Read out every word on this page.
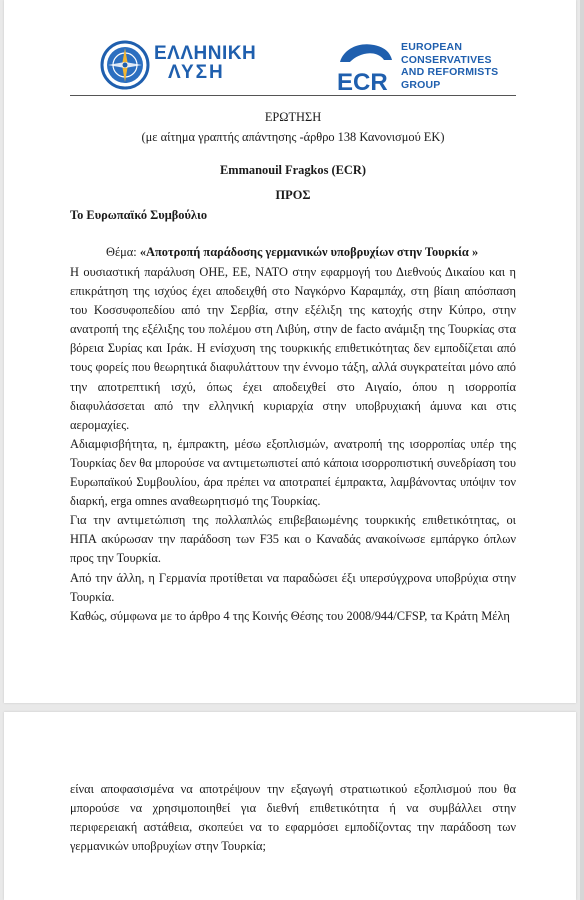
ΕΛΛΗΝΙΚΗ
ΛΥΣΗ	ECR
EUROPEAN
CONSERVATIVES
AND REFORMISTS
GROUP
ΕΡΩΤΗΣΗ
(με αίτημα γραπτής απάντησης -άρθρο 138 Κανονισμού ΕΚ)
Emmanouil Fragkos (ECR)
ΠΡΟΣ
Το Ευρωπαϊκό Συμβούλιο
Θέμα: «Αποτροπή παράδοσης γερμανικών υποβρυχίων στην Τουρκία »

Η ουσιαστική παράλυση ΟΗΕ, ΕΕ, ΝΑΤΟ στην εφαρμογή του Διεθνούς Δικαίου και η επικράτηση της ισχύος έχει αποδειχθή στο Ναγκόρνο Καραμπάχ, στη βίαιη απόσπαση του Κοσσυφοπεδίου από την Σερβία, στην εξέλιξη της κατοχής στην Κύπρο, στην ανατροπή της εξέλιξης του πολέμου στη Λιβύη, στην de facto ανάμιξη της Τουρκίας στα βόρεια Συρίας και Ιράκ. Η ενίσχυση της τουρκικής επιθετικότητας δεν εμποδίζεται από τους φορείς που θεωρητικά διαφυλάττουν την έννομο τάξη, αλλά συγκρατείται μόνο από την αποτρεπτική ισχύ, όπως έχει αποδειχθεί στο Αιγαίο, όπου η ισορροπία διαφυλάσσεται από την ελληνική κυριαρχία στην υποβρυχιακή άμυνα και στις αερομαχίες.

Αδιαμφισβήτητα, η, έμπρακτη, μέσω εξοπλισμών, ανατροπή της ισορροπίας υπέρ της Τουρκίας δεν θα μπορούσε να αντιμετωπιστεί από κάποια ισορροπιστική συνεδρίαση του Ευρωπαϊκού Συμβουλίου, άρα πρέπει να αποτραπεί έμπρακτα, λαμβάνοντας υπόψιν τον διαρκή, erga omnes αναθεωρητισμό της Τουρκίας.

Για την αντιμετώπιση της πολλαπλώς επιβεβαιωμένης τουρκικής επιθετικότητας, οι ΗΠΑ ακύρωσαν την παράδοση των F35 και ο Καναδάς ανακοίνωσε εμπάργκο όπλων προς την Τουρκία.

Από την άλλη, η Γερμανία προτίθεται να παραδώσει έξι υπερσύγχρονα υποβρύχια στην Τουρκία.

Καθώς, σύμφωνα με το άρθρο 4 της Κοινής Θέσης του 2008/944/CFSP, τα Κράτη Μέλη

είναι αποφασισμένα να αποτρέψουν την εξαγωγή στρατιωτικού εξοπλισμού που θα μπορούσε να χρησιμοποιηθεί για διεθνή επιθετικότητα ή να συμβάλλει στην περιφερειακή αστάθεια, σκοπεύει να το εφαρμόσει εμποδίζοντας την παράδοση των γερμανικών υποβρυχίων στην Τουρκία;
